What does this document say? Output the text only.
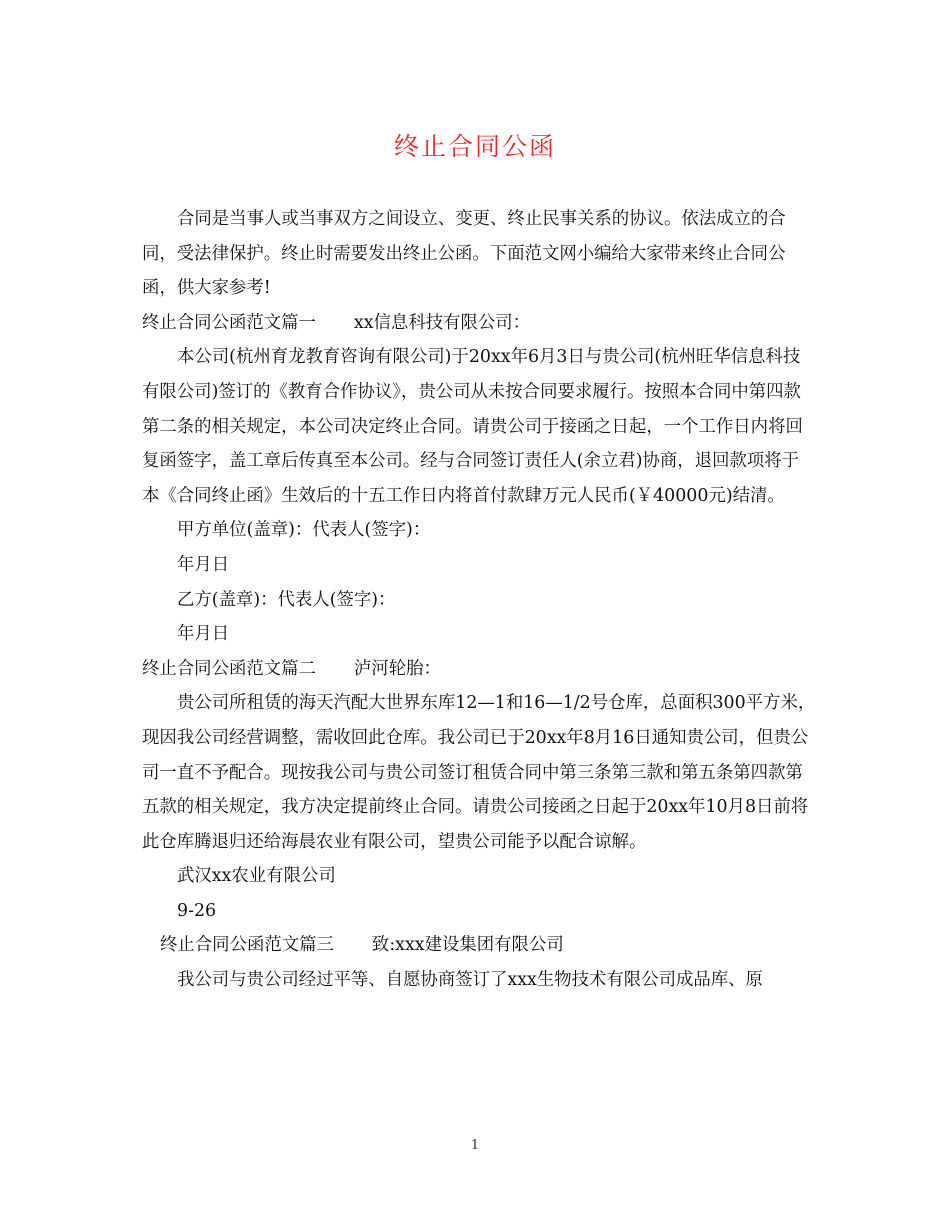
终止合同公函

合同是当事人或当事双方之间设立、变更、终止民事关系的协议。依法成立的合同，受法律保护。终止时需要发出终止公函。下面范文网小编给大家带来终止合同公函，供大家参考!

终止合同公函范文篇一 xx信息科技有限公司：

本公司(杭州育龙教育咨询有限公司)于20xx年6月3日与贵公司(杭州旺华信息科技有限公司)签订的《教育合作协议》，贵公司从未按合同要求履行。按照本合同中第四款第二条的相关规定，本公司决定终止合同。请贵公司于接函之日起，一个工作日内将回复函签字，盖工章后传真至本公司。经与合同签订责任人(余立君)协商，退回款项将于本《合同终止函》生效后的十五工作日内将首付款肆万元人民币(￥40000元)结清。

甲方单位(盖章)：代表人(签字)：

年月日

乙方(盖章)：代表人(签字)：

年月日

终止合同公函范文篇二 泸河轮胎：

贵公司所租赁的海天汽配大世界东库12—1和16—1/2号仓库，总面积300平方米，现因我公司经营调整，需收回此仓库。我公司已于20xx年8月16日通知贵公司，但贵公司一直不予配合。现按我公司与贵公司签订租赁合同中第三条第三款和第五条第四款第五款的相关规定，我方决定提前终止合同。请贵公司接函之日起于20xx年10月8日前将此仓库腾退归还给海晨农业有限公司，望贵公司能予以配合谅解。

武汉xx农业有限公司

9-26

终止合同公函范文篇三 致:xxx建设集团有限公司

我公司与贵公司经过平等、自愿协商签订了xxx生物技术有限公司成品库、原

1
